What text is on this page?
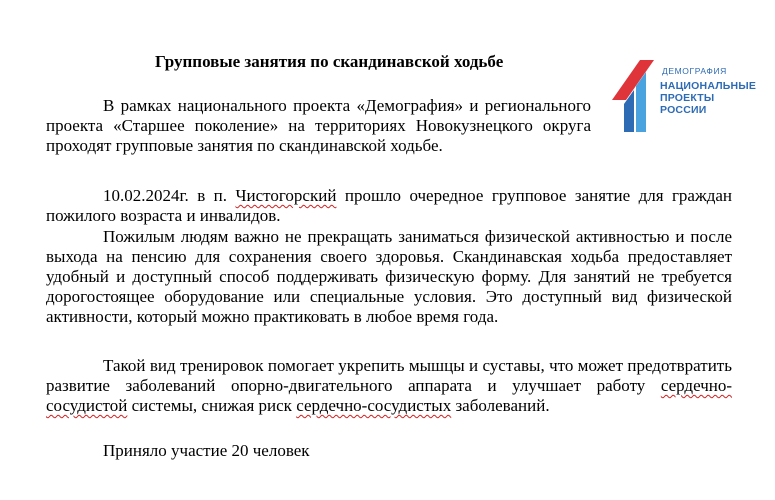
Групповые занятия по скандинавской ходьбе
В рамках национального проекта «Демография» и регионального проекта «Старшее поколение» на территориях Новокузнецкого округа проходят групповые занятия по скандинавской ходьбе.
10.02.2024г. в п. Чистогорский прошло очередное групповое занятие для граждан пожилого возраста и инвалидов.
Пожилым людям важно не прекращать заниматься физической активностью и после выхода на пенсию для сохранения своего здоровья. Скандинавская ходьба предоставляет удобный и доступный способ поддерживать физическую форму. Для занятий не требуется дорогостоящее оборудование или специальные условия. Это доступный вид физической активности, который можно практиковать в любое время года.
Такой вид тренировок помогает укрепить мышцы и суставы, что может предотвратить развитие заболеваний опорно-двигательного аппарата и улучшает работу сердечно-сосудистой системы, снижая риск сердечно-сосудистых заболеваний.
Приняло участие 20 человек
ДЕМОГРАФИЯ
НАЦИОНАЛЬНЫЕ
ПРОЕКТЫ
РОССИИ
